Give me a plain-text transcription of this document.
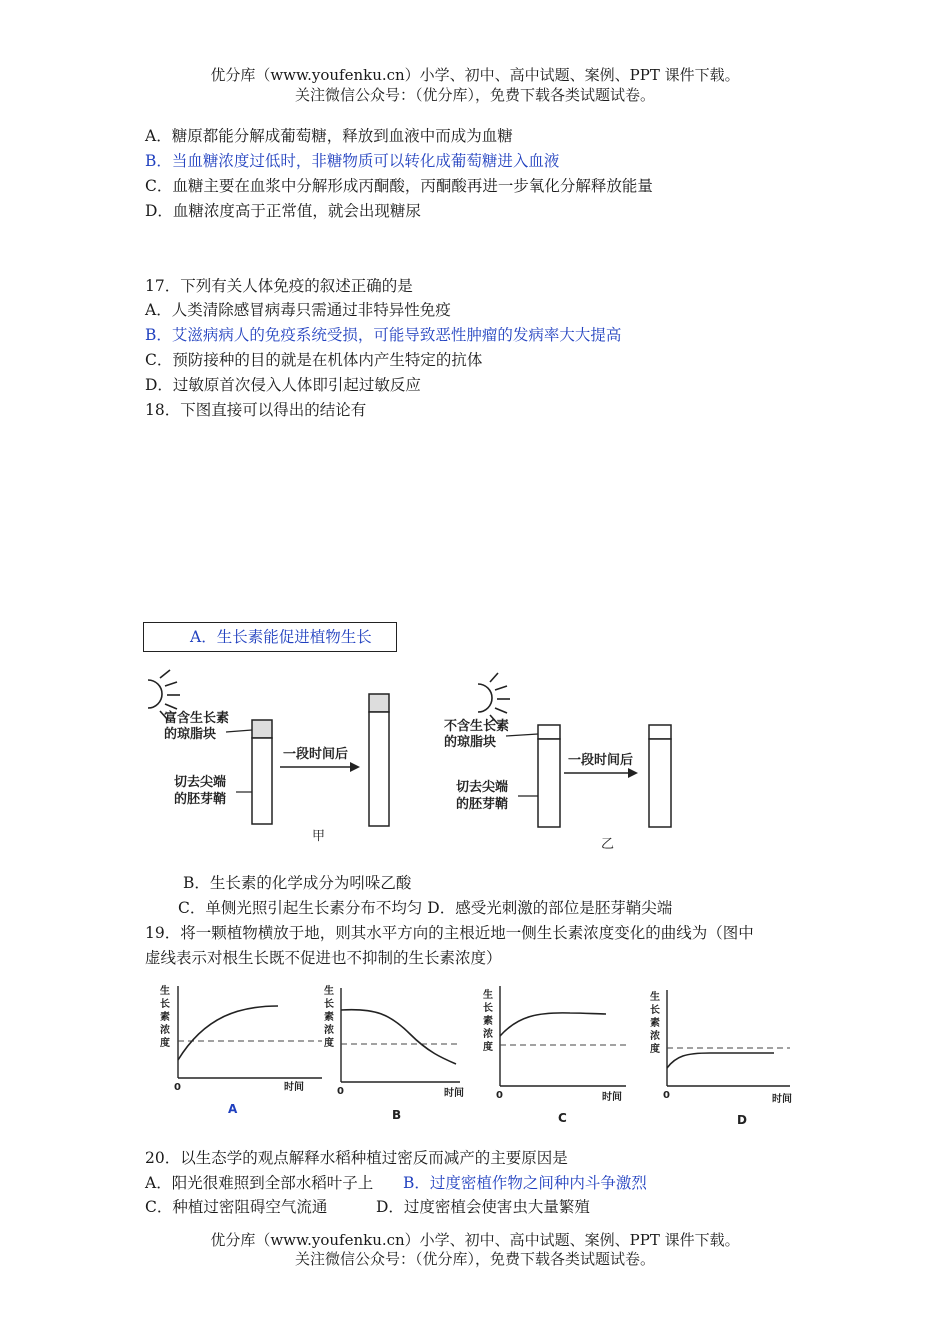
优分库（www.youfenku.cn）小学、初中、高中试题、案例、PPT 课件下载。
关注微信公众号：（优分库），免费下载各类试题试卷。
A．糖原都能分解成葡萄糖，释放到血液中而成为血糖
B．当血糖浓度过低时，非糖物质可以转化成葡萄糖进入血液
C．血糖主要在血浆中分解形成丙酮酸，丙酮酸再进一步氧化分解释放能量
D．血糖浓度高于正常值，就会出现糖尿
17．下列有关人体免疫的叙述正确的是
A．人类清除感冒病毒只需通过非特异性免疫
B．艾滋病病人的免疫系统受损，可能导致恶性肿瘤的发病率大大提高
C．预防接种的目的就是在机体内产生特定的抗体
D．过敏原首次侵入人体即引起过敏反应
18．下图直接可以得出的结论有
A．生长素能促进植物生长
富含生长素
的琼脂块
切去尖端
的胚芽鞘
一段时间后
甲
不含生长素
的琼脂块
切去尖端
的胚芽鞘
一段时间后
乙
B．生长素的化学成分为吲哚乙酸
C．单侧光照引起生长素分布不均匀 D．感受光刺激的部位是胚芽鞘尖端
19．将一颗植物横放于地，则其水平方向的主根近地一侧生长素浓度变化的曲线为（图中
虚线表示对根生长既不促进也不抑制的生长素浓度）
生
长
素
浓
度
0	时间
A
生
长
素
浓
度
0	时间
B
生
长
素
浓
度
0	时间
C
生
长
素
浓
度
0	时间
D
20．以生态学的观点解释水稻种植过密反而减产的主要原因是
A．阳光很难照到全部水稻叶子上 B．过度密植作物之间种内斗争激烈
C．种植过密阻碍空气流通	D．过度密植会使害虫大量繁殖
优分库（www.youfenku.cn）小学、初中、高中试题、案例、PPT 课件下载。
关注微信公众号：（优分库），免费下载各类试题试卷。
